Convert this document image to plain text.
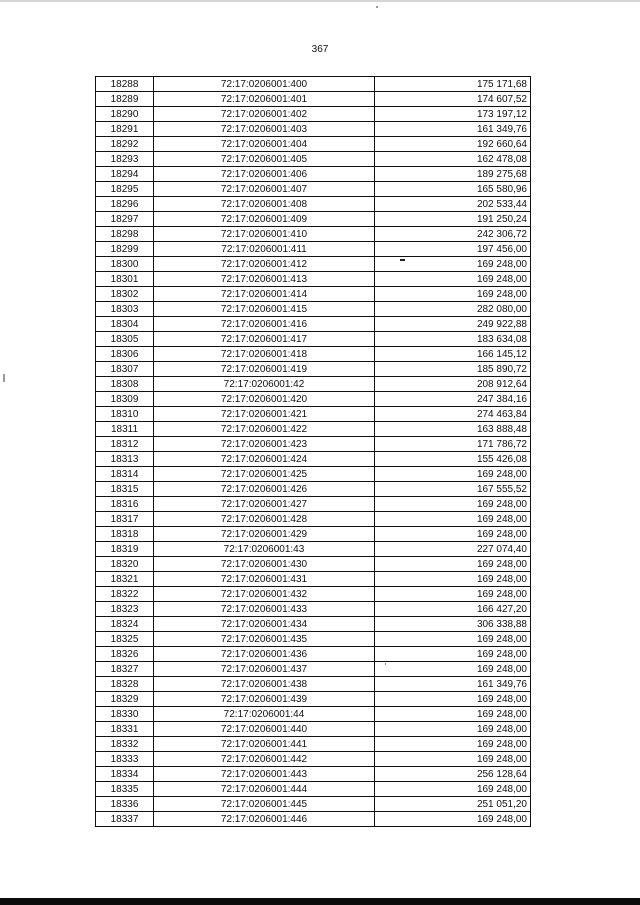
367
18288	72:17:0206001:400	175 171,68
18289	72:17:0206001:401	174 607,52
18290	72:17:0206001:402	173 197,12
18291	72:17:0206001:403	161 349,76
18292	72:17:0206001:404	192 660,64
18293	72:17:0206001:405	162 478,08
18294	72:17:0206001:406	189 275,68
18295	72:17:0206001:407	165 580,96
18296	72:17:0206001:408	202 533,44
18297	72:17:0206001:409	191 250,24
18298	72:17:0206001:410	242 306,72
18299	72:17:0206001:411	197 456,00
18300	72:17:0206001:412	169 248,00
18301	72:17:0206001:413	169 248,00
18302	72:17:0206001:414	169 248,00
18303	72:17:0206001:415	282 080,00
18304	72:17:0206001:416	249 922,88
18305	72:17:0206001:417	183 634,08
18306	72:17:0206001:418	166 145,12
18307	72:17:0206001:419	185 890,72
18308	72:17:0206001:42	208 912,64
18309	72:17:0206001:420	247 384,16
18310	72:17:0206001:421	274 463,84
18311	72:17:0206001:422	163 888,48
18312	72:17:0206001:423	171 786,72
18313	72:17:0206001:424	155 426,08
18314	72:17:0206001:425	169 248,00
18315	72:17:0206001:426	167 555,52
18316	72:17:0206001:427	169 248,00
18317	72:17:0206001:428	169 248,00
18318	72:17:0206001:429	169 248,00
18319	72:17:0206001:43	227 074,40
18320	72:17:0206001:430	169 248,00
18321	72:17:0206001:431	169 248,00
18322	72:17:0206001:432	169 248,00
18323	72:17:0206001:433	166 427,20
18324	72:17:0206001:434	306 338,88
18325	72:17:0206001:435	169 248,00
18326	72:17:0206001:436	169 248,00
18327	72:17:0206001:437	169 248,00
18328	72:17:0206001:438	161 349,76
18329	72:17:0206001:439	169 248,00
18330	72:17:0206001:44	169 248,00
18331	72:17:0206001:440	169 248,00
18332	72:17:0206001:441	169 248,00
18333	72:17:0206001:442	169 248,00
18334	72:17:0206001:443	256 128,64
18335	72:17:0206001:444	169 248,00
18336	72:17:0206001:445	251 051,20
18337	72:17:0206001:446	169 248,00
